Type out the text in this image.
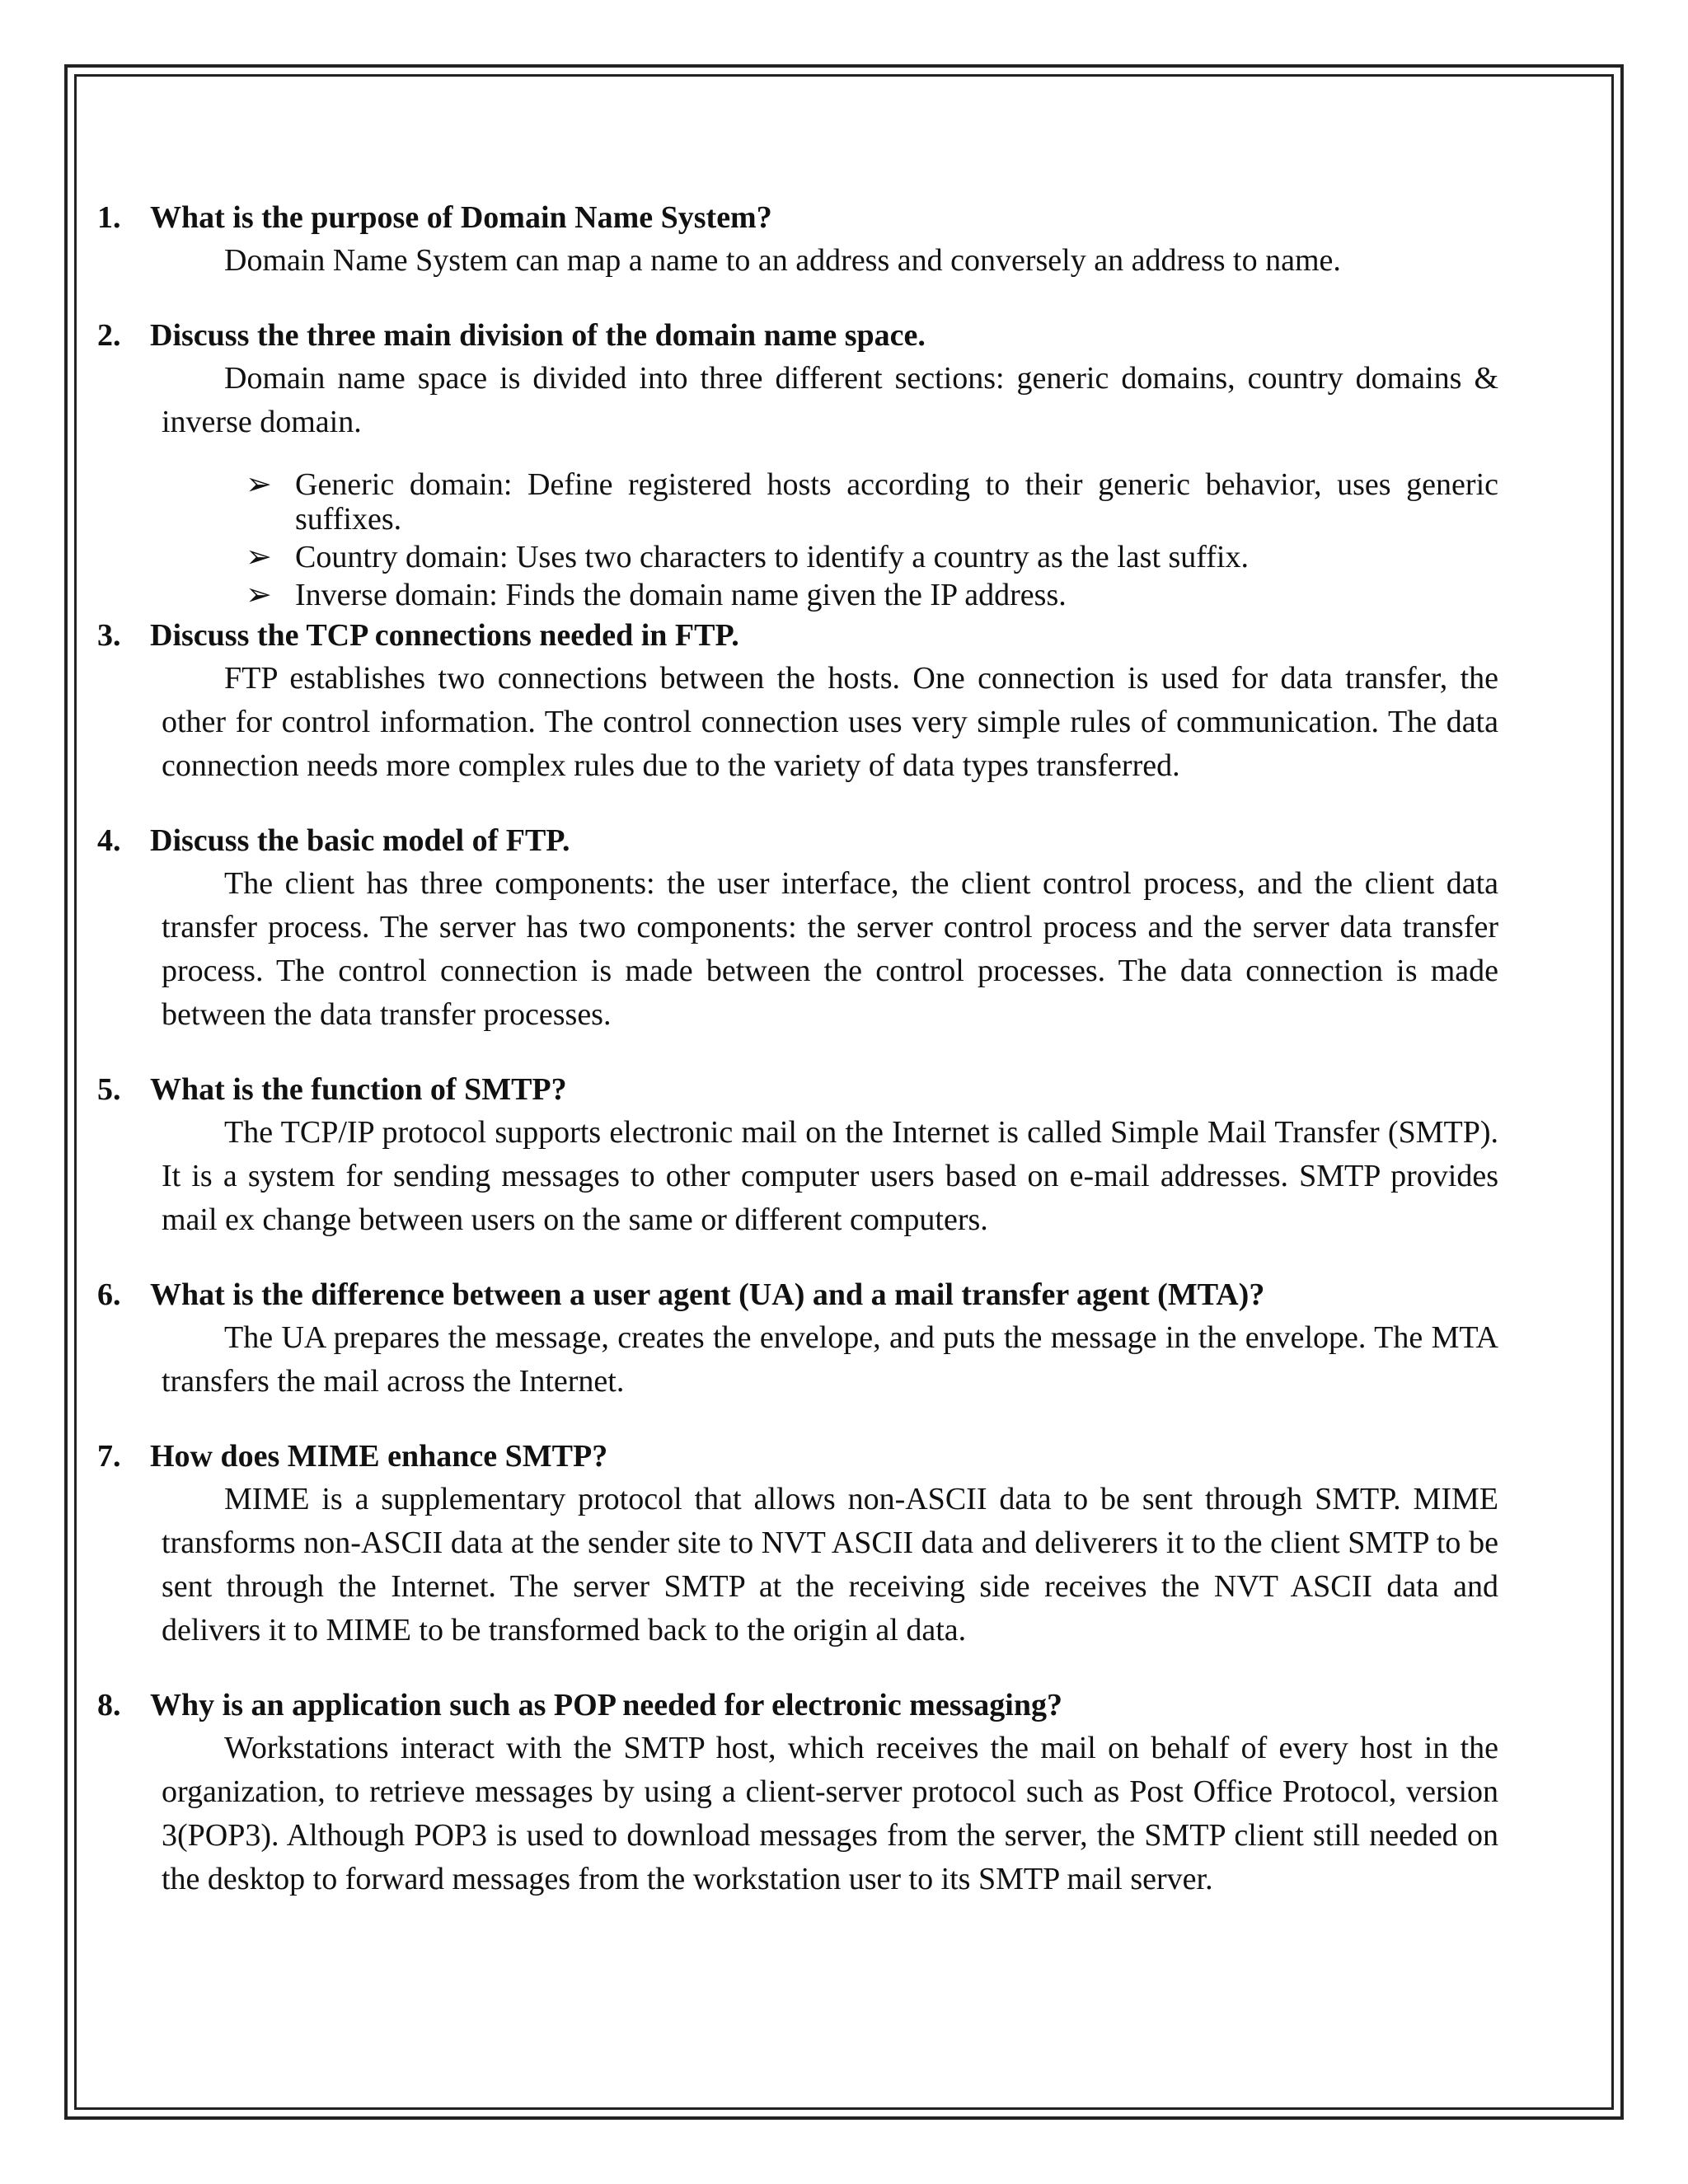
1. What is the purpose of Domain Name System?
Domain Name System can map a name to an address and conversely an address to name.
2. Discuss the three main division of the domain name space.
Domain name space is divided into three different sections: generic domains, country domains & inverse domain.
➢ Generic domain: Define registered hosts according to their generic behavior, uses generic suffixes.
➢ Country domain: Uses two characters to identify a country as the last suffix.
➢ Inverse domain: Finds the domain name given the IP address.
3. Discuss the TCP connections needed in FTP.
FTP establishes two connections between the hosts. One connection is used for data transfer, the other for control information. The control connection uses very simple rules of communication. The data connection needs more complex rules due to the variety of data types transferred.
4. Discuss the basic model of FTP.
The client has three components: the user interface, the client control process, and the client data transfer process. The server has two components: the server control process and the server data transfer process. The control connection is made between the control processes. The data connection is made between the data transfer processes.
5. What is the function of SMTP?
The TCP/IP protocol supports electronic mail on the Internet is called Simple Mail Transfer (SMTP). It is a system for sending messages to other computer users based on e-mail addresses. SMTP provides mail ex change between users on the same or different computers.
6. What is the difference between a user agent (UA) and a mail transfer agent (MTA)?
The UA prepares the message, creates the envelope, and puts the message in the envelope. The MTA transfers the mail across the Internet.
7. How does MIME enhance SMTP?
MIME is a supplementary protocol that allows non-ASCII data to be sent through SMTP. MIME transforms non-ASCII data at the sender site to NVT ASCII data and deliverers it to the client SMTP to be sent through the Internet. The server SMTP at the receiving side receives the NVT ASCII data and delivers it to MIME to be transformed back to the origin al data.
8. Why is an application such as POP needed for electronic messaging?
Workstations interact with the SMTP host, which receives the mail on behalf of every host in the organization, to retrieve messages by using a client-server protocol such as Post Office Protocol, version 3(POP3). Although POP3 is used to download messages from the server, the SMTP client still needed on the desktop to forward messages from the workstation user to its SMTP mail server.
